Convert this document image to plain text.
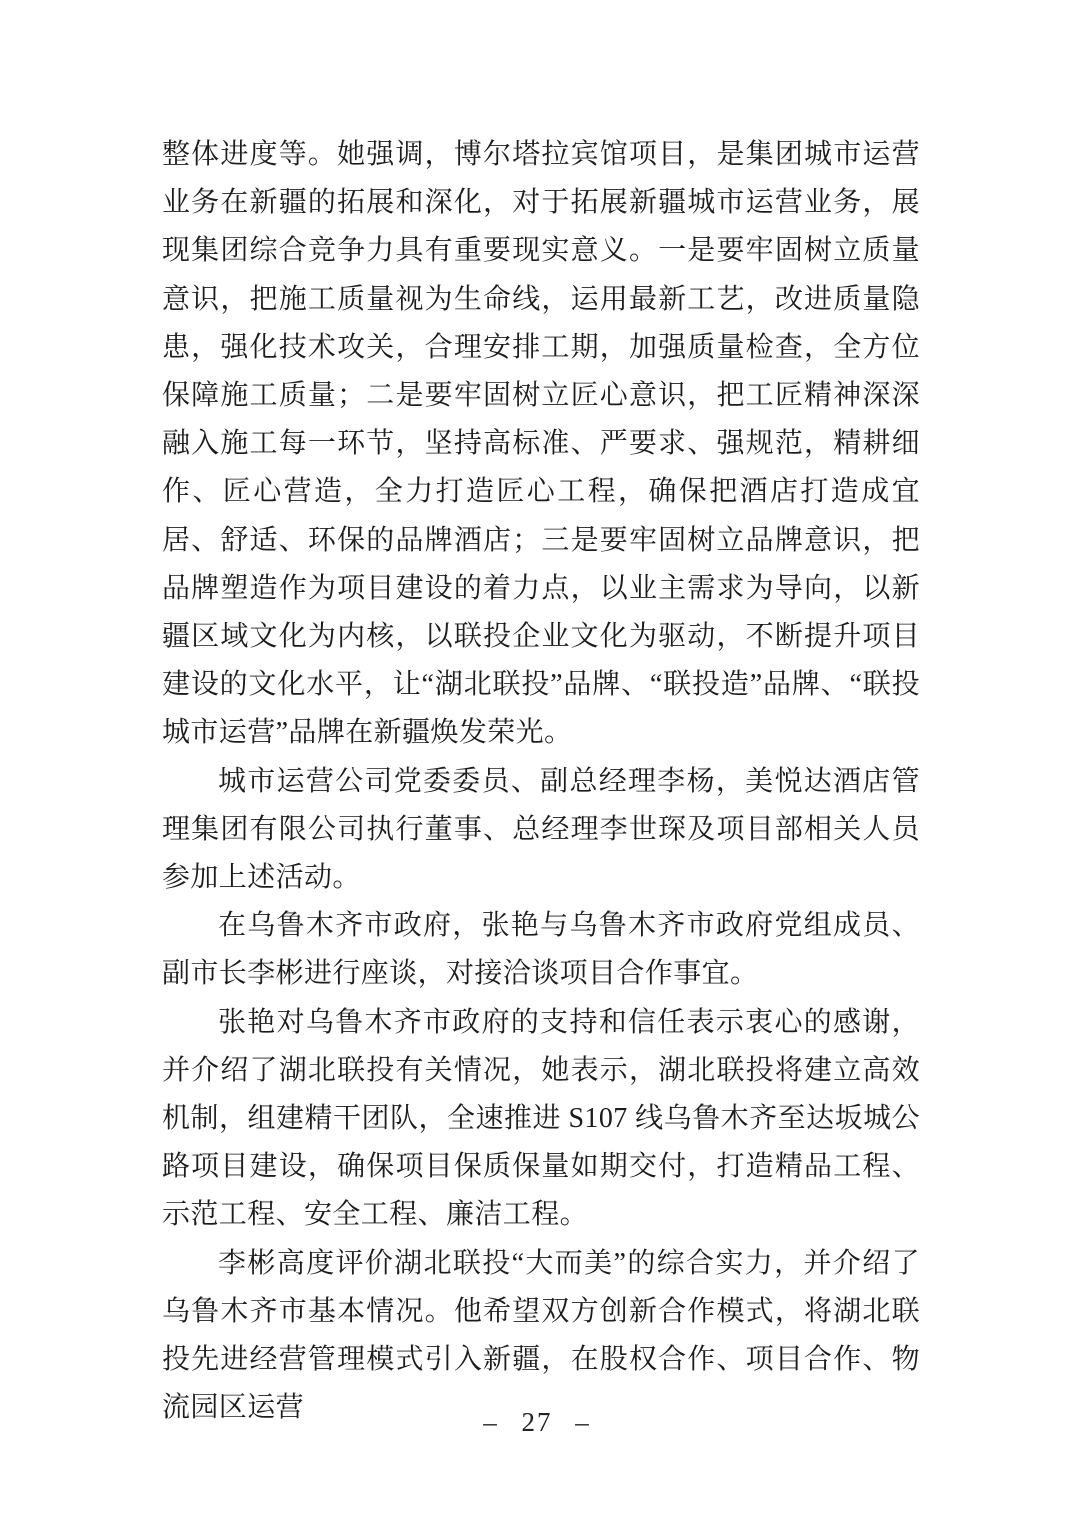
整体进度等。她强调，博尔塔拉宾馆项目，是集团城市运营业务在新疆的拓展和深化，对于拓展新疆城市运营业务，展现集团综合竞争力具有重要现实意义。一是要牢固树立质量意识，把施工质量视为生命线，运用最新工艺，改进质量隐患，强化技术攻关，合理安排工期，加强质量检查，全方位保障施工质量；二是要牢固树立匠心意识，把工匠精神深深融入施工每一环节，坚持高标准、严要求、强规范，精耕细作、匠心营造，全力打造匠心工程，确保把酒店打造成宜居、舒适、环保的品牌酒店；三是要牢固树立品牌意识，把品牌塑造作为项目建设的着力点，以业主需求为导向，以新疆区域文化为内核，以联投企业文化为驱动，不断提升项目建设的文化水平，让“湖北联投”品牌、“联投造”品牌、“联投城市运营”品牌在新疆焕发荣光。

城市运营公司党委委员、副总经理李杨，美悦达酒店管理集团有限公司执行董事、总经理李世琛及项目部相关人员参加上述活动。

在乌鲁木齐市政府，张艳与乌鲁木齐市政府党组成员、副市长李彬进行座谈，对接洽谈项目合作事宜。

张艳对乌鲁木齐市政府的支持和信任表示衷心的感谢，并介绍了湖北联投有关情况，她表示，湖北联投将建立高效机制，组建精干团队，全速推进 S107 线乌鲁木齐至达坂城公路项目建设，确保项目保质保量如期交付，打造精品工程、示范工程、安全工程、廉洁工程。

李彬高度评价湖北联投“大而美”的综合实力，并介绍了乌鲁木齐市基本情况。他希望双方创新合作模式，将湖北联投先进经营管理模式引入新疆，在股权合作、项目合作、物流园区运营	– 27 –
